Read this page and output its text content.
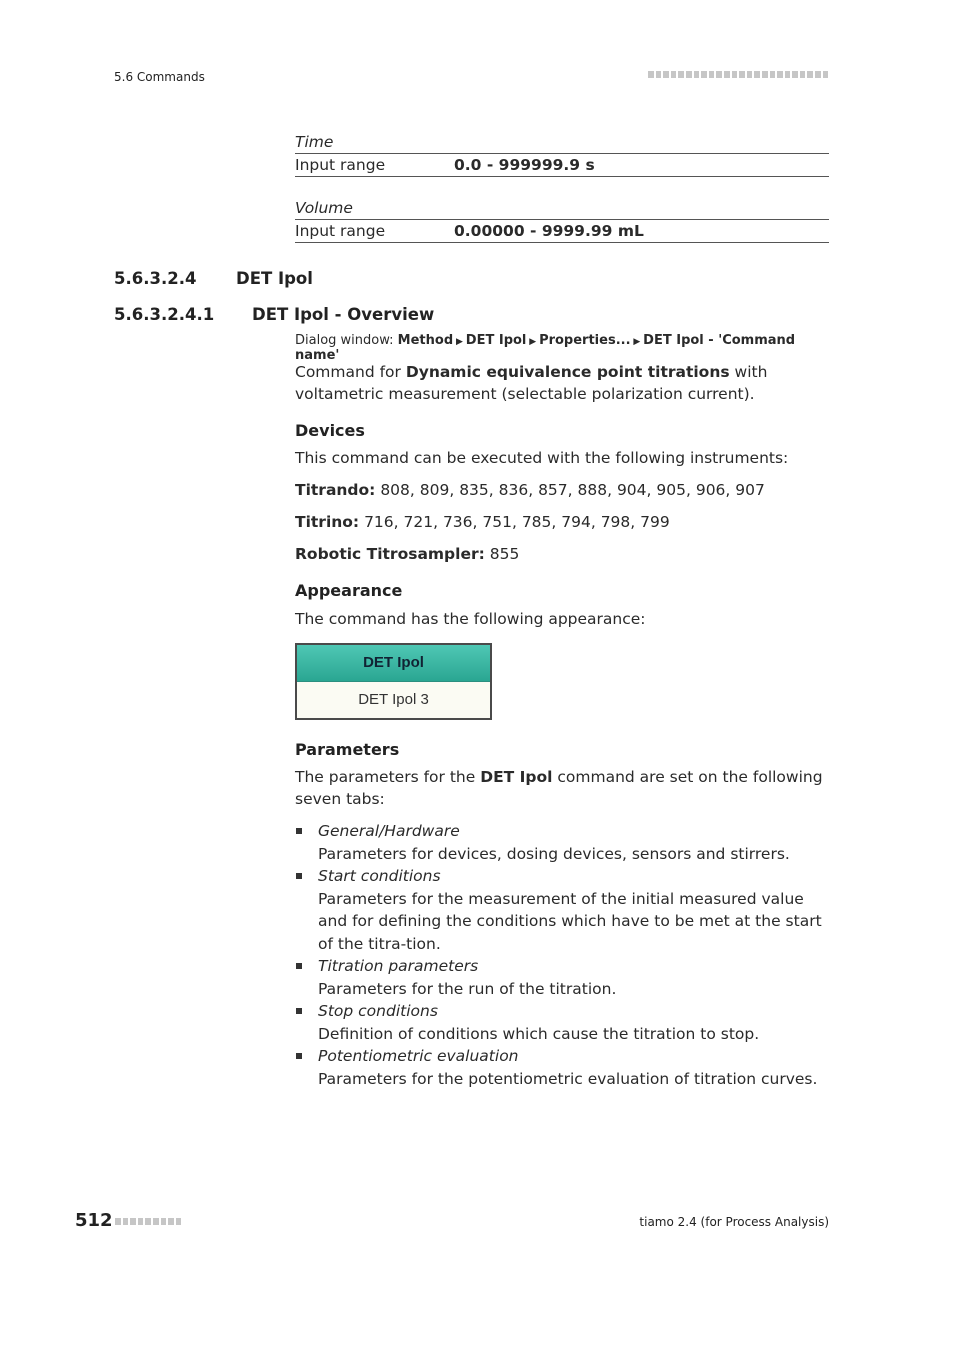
5.6 Commands
Time
Input range	0.0 - 999999.9 s
Volume
Input range	0.00000 - 9999.99 mL
5.6.3.2.4 DET Ipol
5.6.3.2.4.1 DET Ipol - Overview
Dialog window: Method ▶ DET Ipol ▶ Properties... ▶ DET Ipol - 'Command name'
Command for Dynamic equivalence point titrations with voltametric measurement (selectable polarization current).
Devices
This command can be executed with the following instruments:
Titrando: 808, 809, 835, 836, 857, 888, 904, 905, 906, 907
Titrino: 716, 721, 736, 751, 785, 794, 798, 799
Robotic Titrosampler: 855
Appearance
The command has the following appearance:
DET Ipol
DET Ipol 3
Parameters
The parameters for the DET Ipol command are set on the following seven tabs:
General/Hardware
Parameters for devices, dosing devices, sensors and stirrers.
Start conditions
Parameters for the measurement of the initial measured value and for defining the conditions which have to be met at the start of the titra-tion.
Titration parameters
Parameters for the run of the titration.
Stop conditions
Definition of conditions which cause the titration to stop.
Potentiometric evaluation
Parameters for the potentiometric evaluation of titration curves.
512	tiamo 2.4 (for Process Analysis)
